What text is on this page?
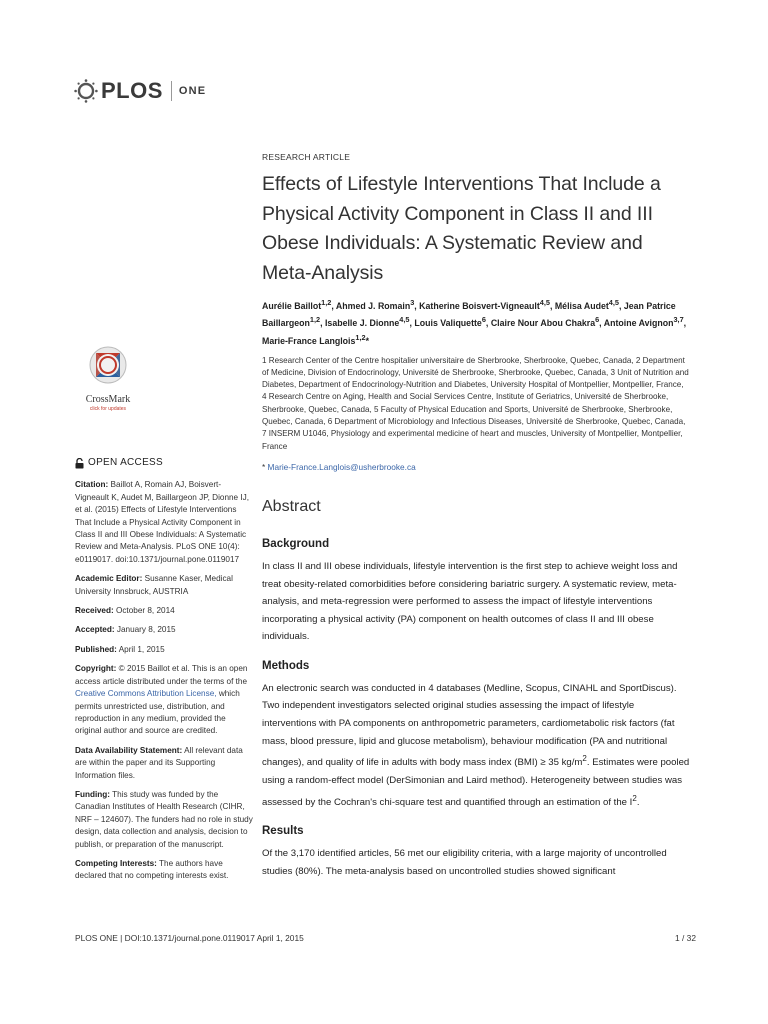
PLOS ONE
CrossMark
click for updates
OPEN ACCESS

Citation: Baillot A, Romain AJ, Boisvert-Vigneault K, Audet M, Baillargeon JP, Dionne IJ, et al. (2015) Effects of Lifestyle Interventions That Include a Physical Activity Component in Class II and III Obese Individuals: A Systematic Review and Meta-Analysis. PLoS ONE 10(4): e0119017. doi:10.1371/journal.pone.0119017

Academic Editor: Susanne Kaser, Medical University Innsbruck, AUSTRIA

Received: October 8, 2014

Accepted: January 8, 2015

Published: April 1, 2015

Copyright: © 2015 Baillot et al. This is an open access article distributed under the terms of the Creative Commons Attribution License, which permits unrestricted use, distribution, and reproduction in any medium, provided the original author and source are credited.

Data Availability Statement: All relevant data are within the paper and its Supporting Information files.

Funding: This study was funded by the Canadian Institutes of Health Research (CIHR, NRF – 124607). The funders had no role in study design, data collection and analysis, decision to publish, or preparation of the manuscript.

Competing Interests: The authors have declared that no competing interests exist.

RESEARCH ARTICLE
Effects of Lifestyle Interventions That Include a Physical Activity Component in Class II and III Obese Individuals: A Systematic Review and Meta-Analysis
Aurélie Baillot$^{1,2}$, Ahmed J. Romain$^3$, Katherine Boisvert-Vigneault$^{4,5}$, Mélisa Audet$^{4,5}$, Jean Patrice Baillargeon$^{1,2}$, Isabelle J. Dionne$^{4,5}$, Louis Valiquette$^6$, Claire Nour Abou Chakra$^6$, Antoine Avignon$^{3,7}$, Marie-France Langlois$^{1,2}$*
1 Research Center of the Centre hospitalier universitaire de Sherbrooke, Sherbrooke, Quebec, Canada, 2 Department of Medicine, Division of Endocrinology, Université de Sherbrooke, Sherbrooke, Quebec, Canada, 3 Unit of Nutrition and Diabetes, Department of Endocrinology-Nutrition and Diabetes, University Hospital of Montpellier, Montpellier, France, 4 Research Centre on Aging, Health and Social Services Centre, Institute of Geriatrics, Université de Sherbrooke, Sherbrooke, Quebec, Canada, 5 Faculty of Physical Education and Sports, Université de Sherbrooke, Sherbrooke, Quebec, Canada, 6 Department of Microbiology and Infectious Diseases, Université de Sherbrooke, Quebec, Canada, 7 INSERM U1046, Physiology and experimental medicine of heart and muscles, University of Montpellier, Montpellier, France
* Marie-France.Langlois@usherbrooke.ca
Abstract
Background

In class II and III obese individuals, lifestyle intervention is the first step to achieve weight loss and treat obesity-related comorbidities before considering bariatric surgery. A systematic review, meta-analysis, and meta-regression were performed to assess the impact of lifestyle interventions incorporating a physical activity (PA) component on health outcomes of class II and III obese individuals.

Methods

An electronic search was conducted in 4 databases (Medline, Scopus, CINAHL and SportDiscus). Two independent investigators selected original studies assessing the impact of lifestyle interventions with PA components on anthropometric parameters, cardiometabolic risk factors (fat mass, blood pressure, lipid and glucose metabolism), behaviour modification (PA and nutritional changes), and quality of life in adults with body mass index (BMI) ≥ 35 $kg/m^2$. Estimates were pooled using a random-effect model (DerSimonian and Laird method). Heterogeneity between studies was assessed by the Cochran's chi-square test and quantified through an estimation of the $I^2$.

Results

Of the 3,170 identified articles, 56 met our eligibility criteria, with a large majority of uncontrolled studies (80%). The meta-analysis based on uncontrolled studies showed significant

PLOS ONE | DOI:10.1371/journal.pone.0119017 April 1, 2015	1 / 32
